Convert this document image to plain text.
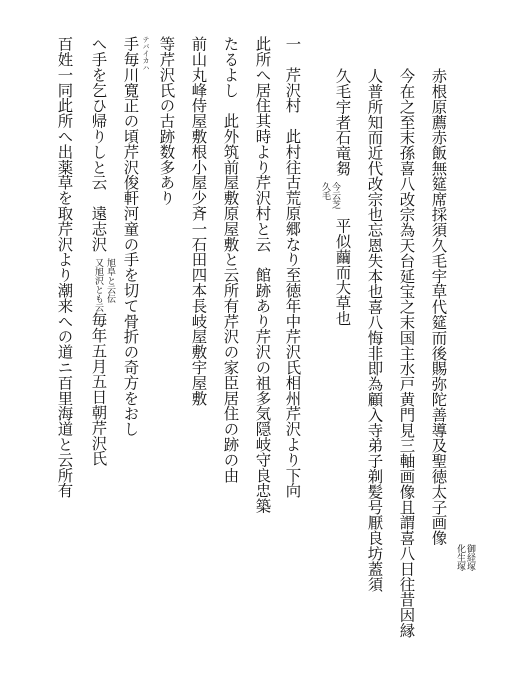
赤根原薦赤飯無筵席採須久毛宇草代筵而後賜弥陀善導及聖徳太子画像
御経塚
化生塚
今在之至末孫喜八改宗為天台延宝之末国主水戸黄門見三軸画像且謂喜八日往昔因縁
人普所知而近代改宗也忘恩失本也喜八悔非即為顧入寺弟子剃髪号厭良坊蓋須
久毛宇者石竜芻
今云芝
久毛
平似繭而大草也
一　芹沢村　此村往古荒原郷なり至徳年中芹沢氏相州芹沢より下向
此所へ居住其時より芹沢村と云　館跡あり芹沢の祖多気隠岐守良忠築
たるよし　此外筑前屋敷原屋敷と云所有芹沢の家臣居住の跡の由
前山丸峰侍屋敷根小屋少斉一石田四本長岐屋敷宇屋敷
等芹沢氏の古跡数多あり
テバイカハ
手毎川寛正の頃芹沢俊軒河童の手を切て骨折の奇方をおし
へ手を乞ひ帰りしと云　遠志沢
旭阜と云伝
又旭沢とも云
毎年五月五日朝芹沢氏
百姓一同此所へ出薬草を取芹沢より潮来への道ニ百里海道と云所有
